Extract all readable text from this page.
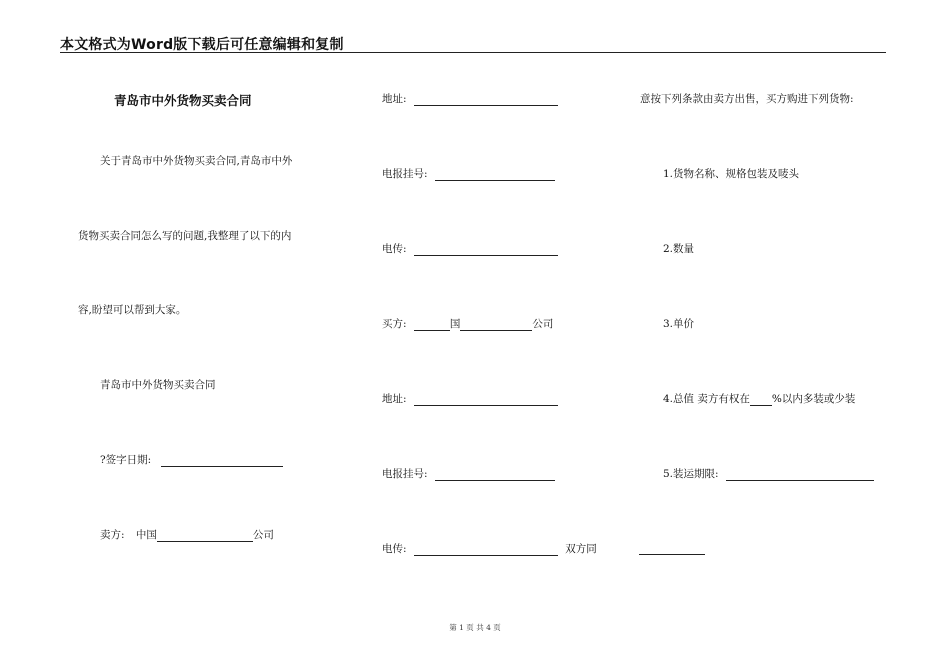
本文格式为Word版下载后可任意编辑和复制
青岛市中外货物买卖合同
关于青岛市中外货物买卖合同,青岛市中外
货物买卖合同怎么写的问题,我整理了以下的内
容,盼望可以帮到大家。
青岛市中外货物买卖合同
?签字日期:
卖方: 中国	公司
地址:
电报挂号:
电传:
买方:	国	公司
地址:
电报挂号:
电传:	双方同
意按下列条款由卖方出售，买方购进下列货物:
1.货物名称、规格包装及唛头
2.数量
3.单价
4.总值 卖方有权在 %以内多装或少装
5.装运期限:
第 1 页 共 4 页
